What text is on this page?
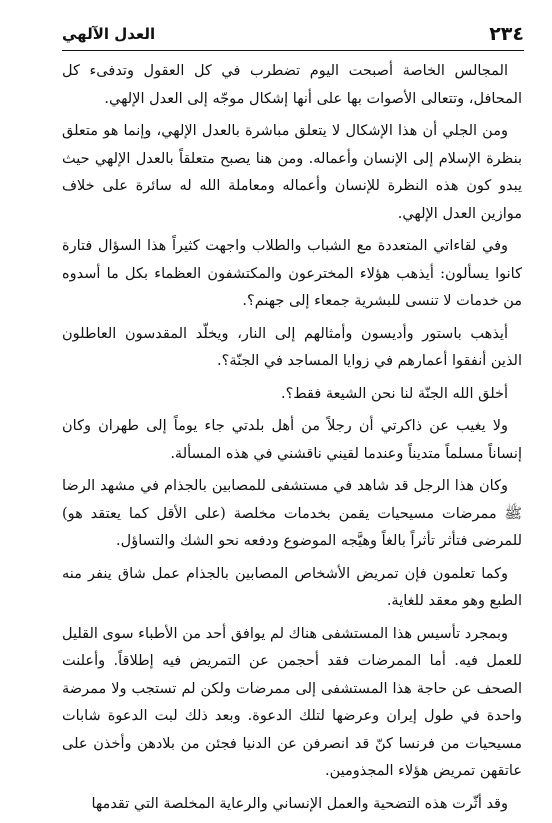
٢٣٤
العدل الآلهي

المجالس الخاصة أصبحت اليوم تضطرب في كل العقول وتدفىء كل المحافل، وتتعالى الأصوات بها على أنها إشكال موجّه إلى العدل الإلهي.

ومن الجلي أن هذا الإشكال لا يتعلق مباشرة بالعدل الإلهي، وإنما هو متعلق بنظرة الإسلام إلى الإنسان وأعماله. ومن هنا يصبح متعلقاً بالعدل الإلهي حيث يبدو كون هذه النظرة للإنسان وأعماله ومعاملة الله له سائرة على خلاف موازين العدل الإلهي.

وفي لقاءاتي المتعددة مع الشباب والطلاب واجهت كثيراً هذا السؤال فتارة كانوا يسألون: أيذهب هؤلاء المخترعون والمكتشفون العظماء بكل ما أسدوه من خدمات لا تنسى للبشرية جمعاء إلى جهنم؟.

أيذهب باستور وأديسون وأمثالهم إلى النار، ويخلّد المقدسون العاطلون الذين أنفقوا أعمارهم في زوايا المساجد في الجنّة؟.

أخلق الله الجنّة لنا نحن الشيعة فقط؟.

ولا يغيب عن ذاكرتي أن رجلاً من أهل بلدتي جاء يوماً إلى طهران وكان إنساناً مسلماً متديناً وعندما لقيني ناقشني في هذه المسألة.

وكان هذا الرجل قد شاهد في مستشفى للمصابين بالجذام في مشهد الرضا ﷺ ممرضات مسيحيات يقمن بخدمات مخلصة (على الأقل كما يعتقد هو) للمرضى فتأثر تأثراً بالغاً وهيَّجه الموضوع ودفعه نحو الشك والتساؤل.

وكما تعلمون فإن تمريض الأشخاص المصابين بالجذام عمل شاق ينفر منه الطبع وهو معقد للغاية.

وبمجرد تأسيس هذا المستشفى هناك لم يوافق أحد من الأطباء سوى القليل للعمل فيه. أما الممرضات فقد أحجمن عن التمريض فيه إطلاقاً. وأعلنت الصحف عن حاجة هذا المستشفى إلى ممرضات ولكن لم تستجب ولا ممرضة واحدة في طول إيران وعرضها لتلك الدعوة. وبعد ذلك لبت الدعوة شابات مسيحيات من فرنسا كنّ قد انصرفن عن الدنيا فجئن من بلادهن وأخذن على عاتقهن تمريض هؤلاء المجذومين.

وقد أثّرت هذه التضحية والعمل الإنساني والرعاية المخلصة التي تقدمها
